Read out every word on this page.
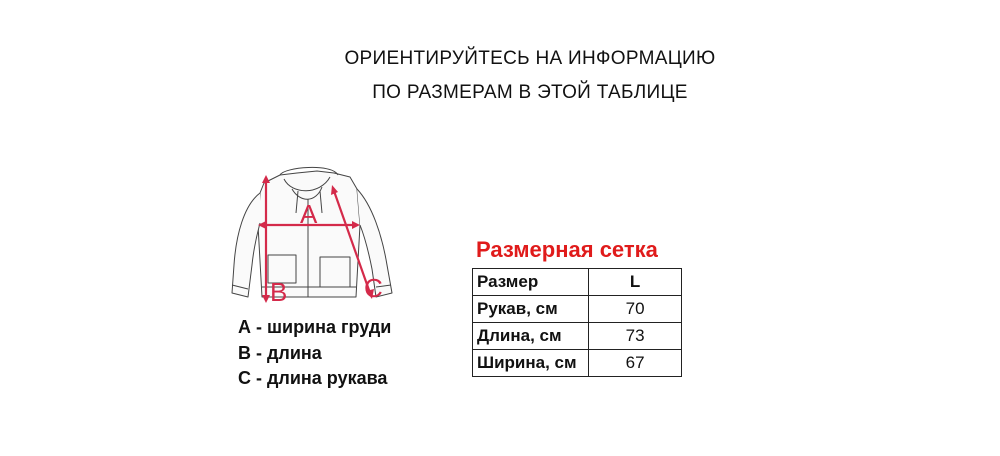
ОРИЕНТИРУЙТЕСЬ НА ИНФОРМАЦИЮ
ПО РАЗМЕРАМ В ЭТОЙ ТАБЛИЦЕ
A
B	C
А - ширина груди
В - длина
С - длина рукава
Размерная сетка
Размер	L
Рукав, см	70
Длина, см	73
Ширина, см	67
